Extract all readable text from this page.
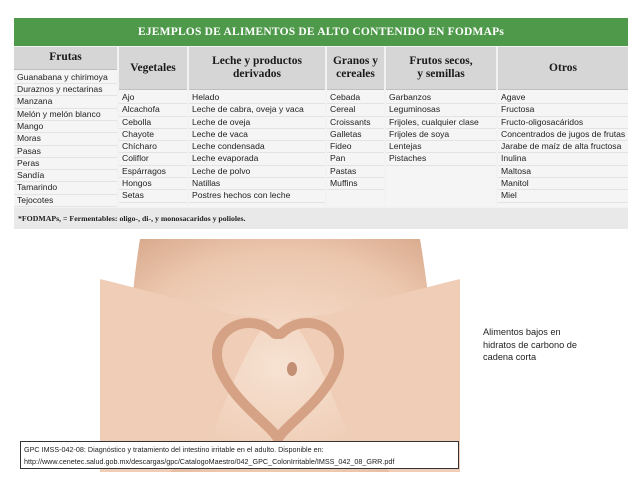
EJEMPLOS DE ALIMENTOS DE ALTO CONTENIDO EN FODMAPs
Frutas
Guanabana y chirimoya
Duraznos y nectarinas
Manzana
Melón y melón blanco
Mango
Moras
Pasas
Peras
Sandía
Tamarindo
Tejocotes
Vegetales
Ajo
Alcachofa
Cebolla
Chayote
Chícharo
Coliflor
Espárragos
Hongos
Setas
Leche y productos
derivados
Helado
Leche de cabra, oveja y vaca
Leche de oveja
Leche de vaca
Leche condensada
Leche evaporada
Leche de polvo
Natillas
Postres hechos con leche
Granos y
cereales
Cebada
Cereal
Croissants
Galletas
Fideo
Pan
Pastas
Muffins
Frutos secos,
y semillas
Garbanzos
Leguminosas
Frijoles, cualquier clase
Frijoles de soya
Lentejas
Pistaches
Otros
Agave
Fructosa
Fructo-oligosacáridos
Concentrados de jugos de frutas
Jarabe de maíz de alta fructosa
Inulina
Maltosa
Manitol
Miel
*FODMAPs, = Fermentables: oligo-, di-, y monosacaridos y polioles.
Alimentos bajos en
hidratos de carbono de
cadena corta
GPC IMSS-042-08: Diagnóstico y tratamiento del intestino irritable en el adulto. Disponible en:
http://www.cenetec.salud.gob.mx/descargas/gpc/CatalogoMaestro/042_GPC_ColonIrritable/IMSS_042_08_GRR.pdf
